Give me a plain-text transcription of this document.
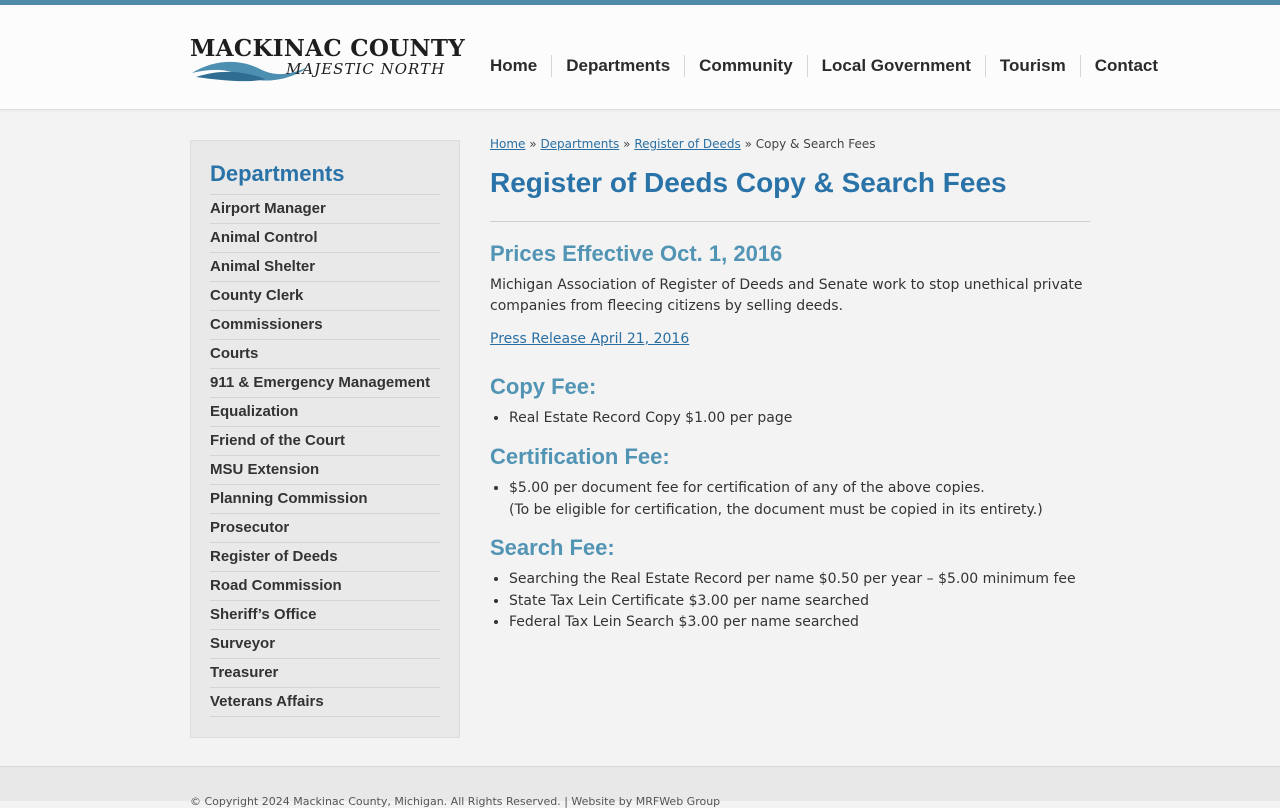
MACKINAC COUNTY
MAJESTIC NORTH	Home	Departments	Community	Local Government	Tourism	Contact
Departments
Airport Manager
Animal Control
Animal Shelter
County Clerk
Commissioners
Courts
911 & Emergency Management
Equalization
Friend of the Court
MSU Extension
Planning Commission
Prosecutor
Register of Deeds
Road Commission
Sheriff’s Office
Surveyor
Treasurer
Veterans Affairs
Home » Departments » Register of Deeds » Copy & Search Fees
Register of Deeds Copy & Search Fees
Prices Effective Oct. 1, 2016

Michigan Association of Register of Deeds and Senate work to stop unethical private companies from fleecing citizens by selling deeds.

Press Release April 21, 2016
Copy Fee:
• Real Estate Record Copy $1.00 per page
Certification Fee:
• $5.00 per document fee for certification of any of the above copies.
(To be eligible for certification, the document must be copied in its entirety.)
Search Fee:
• Searching the Real Estate Record per name $0.50 per year – $5.00 minimum fee
• State Tax Lein Certificate $3.00 per name searched
• Federal Tax Lein Search $3.00 per name searched
© Copyright 2024 Mackinac County, Michigan. All Rights Reserved. | Website by MRFWeb Group
